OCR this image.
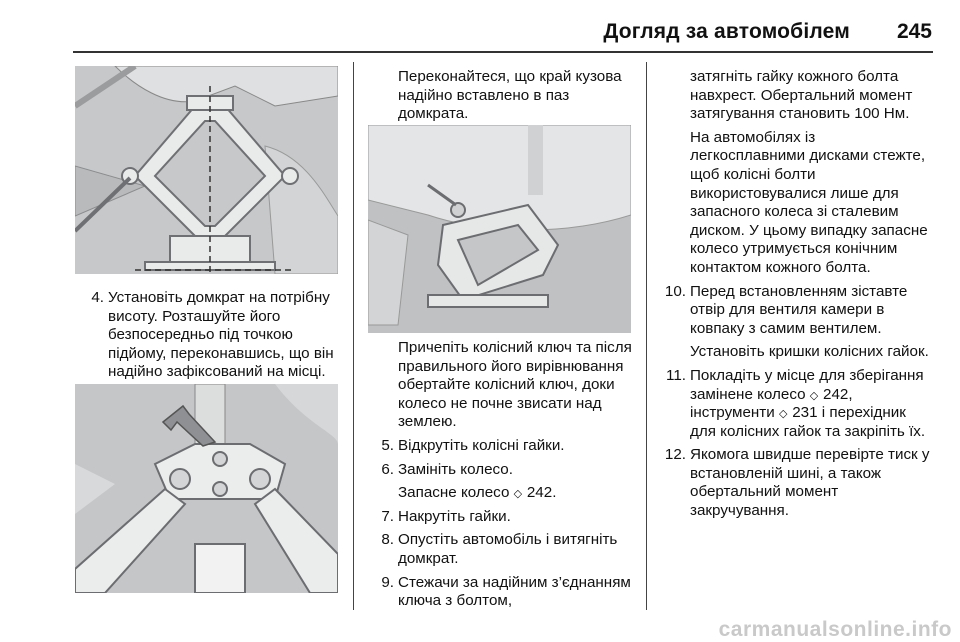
Догляд за автомобілем	245
4. Установіть домкрат на потрібну висоту. Розташуйте його безпосередньо під точкою підйому, переконавшись, що він надійно зафіксований на місці.
Переконайтеся, що край кузова надійно вставлено в паз домкрата.
Причепіть колісний ключ та після правильного його вирівнювання обертайте колісний ключ, доки колесо не почне звисати над землею.
5. Відкрутіть колісні гайки.
6. Замініть колесо.
Запасне колесо ◇ 242.
7. Накрутіть гайки.
8. Опустіть автомобіль і витягніть домкрат.
9. Стежачи за надійним з’єднанням ключа з болтом,
затягніть гайку кожного болта навхрест. Обертальний момент затягування становить 100 Нм.
На автомобілях із легкосплавними дисками стежте, щоб колісні болти використовувалися лише для запасного колеса зі сталевим диском. У цьому випадку запасне колесо утримується конічним контактом кожного болта.
10. Перед встановленням зіставте отвір для вентиля камери в ковпаку з самим вентилем.
Установіть кришки колісних гайок.
11. Покладіть у місце для зберігання замінене колесо ◇ 242, інструменти ◇ 231 і перехідник для колісних гайок та закріпіть їх.
12. Якомога швидше перевірте тиск у встановленій шині, а також обертальний момент закручування.
carmanualsonline.info
